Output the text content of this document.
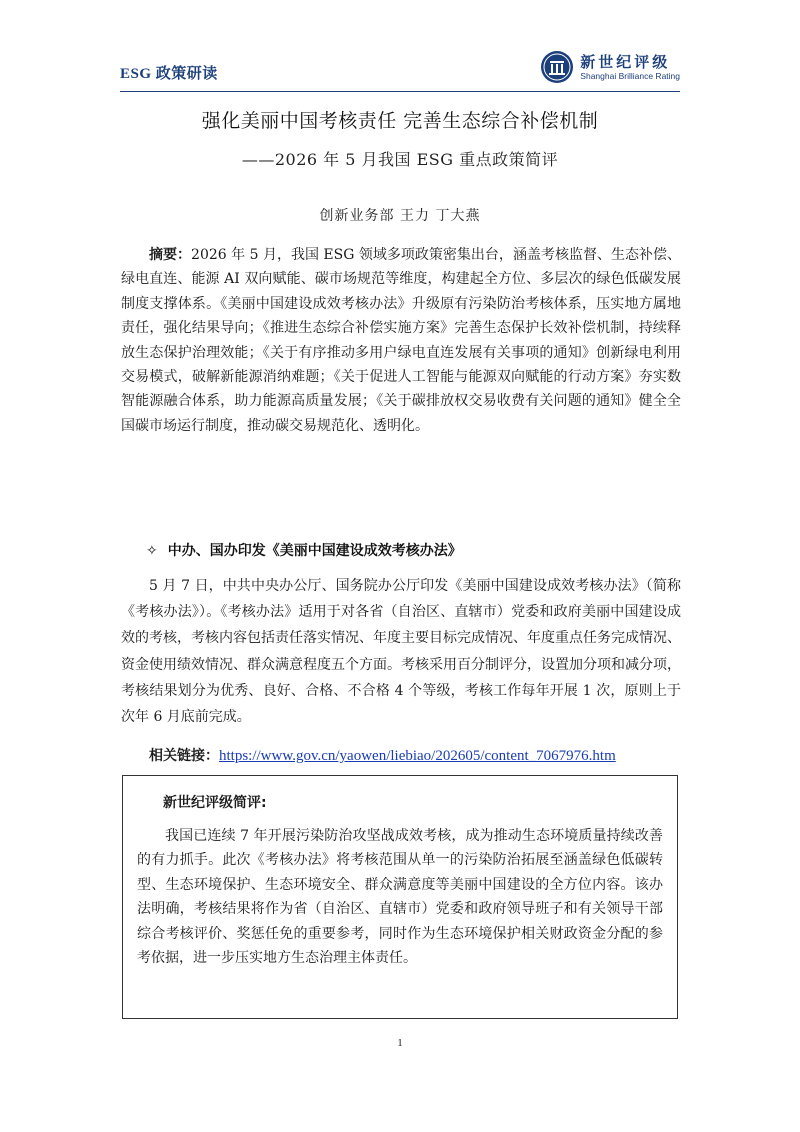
ESG 政策研读
新世纪评级
Shanghai Brilliance Rating
强化美丽中国考核责任 完善生态综合补偿机制
——2026 年 5 月我国 ESG 重点政策简评
创新业务部 王力 丁大燕

摘要：2026 年 5 月，我国 ESG 领域多项政策密集出台，涵盖考核监督、生态补偿、绿电直连、能源 AI 双向赋能、碳市场规范等维度，构建起全方位、多层次的绿色低碳发展制度支撑体系。《美丽中国建设成效考核办法》升级原有污染防治考核体系，压实地方属地责任，强化结果导向；《推进生态综合补偿实施方案》完善生态保护长效补偿机制，持续释放生态保护治理效能；《关于有序推动多用户绿电直连发展有关事项的通知》创新绿电利用交易模式，破解新能源消纳难题；《关于促进人工智能与能源双向赋能的行动方案》夯实数智能源融合体系，助力能源高质量发展；《关于碳排放权交易收费有关问题的通知》健全全国碳市场运行制度，推动碳交易规范化、透明化。

✧ 中办、国办印发《美丽中国建设成效考核办法》

5 月 7 日，中共中央办公厅、国务院办公厅印发《美丽中国建设成效考核办法》（简称《考核办法》）。《考核办法》适用于对各省（自治区、直辖市）党委和政府美丽中国建设成效的考核，考核内容包括责任落实情况、年度主要目标完成情况、年度重点任务完成情况、资金使用绩效情况、群众满意程度五个方面。考核采用百分制评分，设置加分项和减分项，考核结果划分为优秀、良好、合格、不合格 4 个等级，考核工作每年开展 1 次，原则上于次年 6 月底前完成。

相关链接：https://www.gov.cn/yaowen/liebiao/202605/content_7067976.htm
新世纪评级简评:

我国已连续 7 年开展污染防治攻坚战成效考核，成为推动生态环境质量持续改善的有力抓手。此次《考核办法》将考核范围从单一的污染防治拓展至涵盖绿色低碳转型、生态环境保护、生态环境安全、群众满意度等美丽中国建设的全方位内容。该办法明确，考核结果将作为省（自治区、直辖市）党委和政府领导班子和有关领导干部综合考核评价、奖惩任免的重要参考，同时作为生态环境保护相关财政资金分配的参考依据，进一步压实地方生态治理主体责任。

1
